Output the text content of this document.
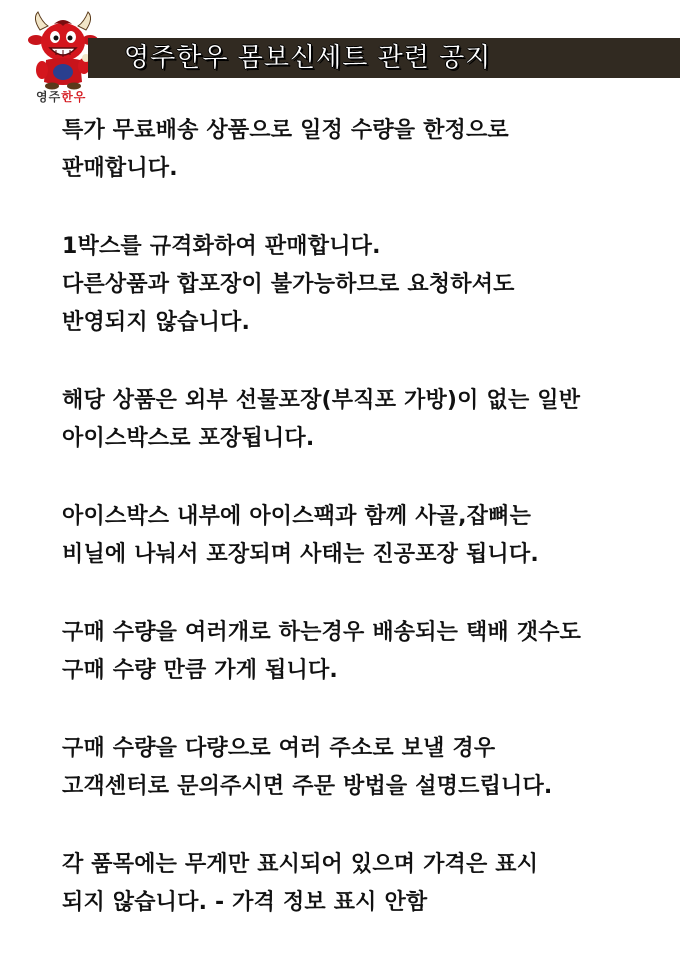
영주한우
영주한우 몸보신세트 관련 공지
특가 무료배송 상품으로 일정 수량을 한정으로
판매합니다.
1박스를 규격화하여 판매합니다.
다른상품과 합포장이 불가능하므로 요청하셔도
반영되지 않습니다.
해당 상품은 외부 선물포장(부직포 가방)이 없는 일반
아이스박스로 포장됩니다.
아이스박스 내부에 아이스팩과 함께 사골,잡뼈는
비닐에 나눠서 포장되며 사태는 진공포장 됩니다.
구매 수량을 여러개로 하는경우 배송되는 택배 갯수도
구매 수량 만큼 가게 됩니다.
구매 수량을 다량으로 여러 주소로 보낼 경우
고객센터로 문의주시면 주문 방법을 설명드립니다.
각 품목에는 무게만 표시되어 있으며 가격은 표시
되지 않습니다. - 가격 정보 표시 안함
